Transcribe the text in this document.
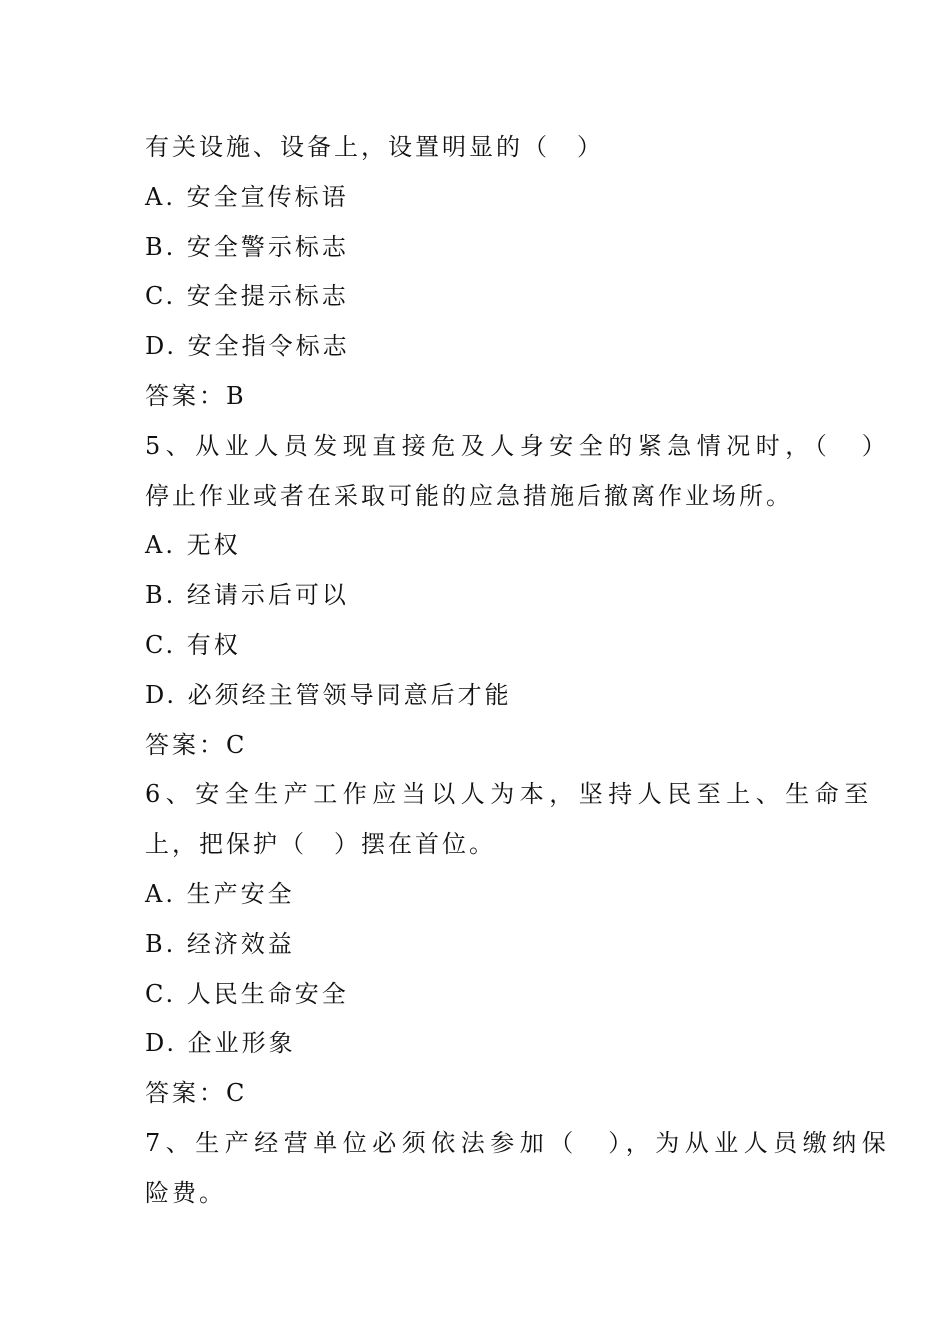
有关设施、设备上，设置明显的（　）
A. 安全宣传标语
B. 安全警示标志
C. 安全提示标志
D. 安全指令标志
答案：B
5、从业人员发现直接危及人身安全的紧急情况时，（　）
停止作业或者在采取可能的应急措施后撤离作业场所。
A. 无权
B. 经请示后可以
C. 有权
D. 必须经主管领导同意后才能
答案：C
6、安全生产工作应当以人为本，坚持人民至上、生命至
上，把保护（　）摆在首位。
A. 生产安全
B. 经济效益
C. 人民生命安全
D. 企业形象
答案：C
7、生产经营单位必须依法参加（　），为从业人员缴纳保
险费。
